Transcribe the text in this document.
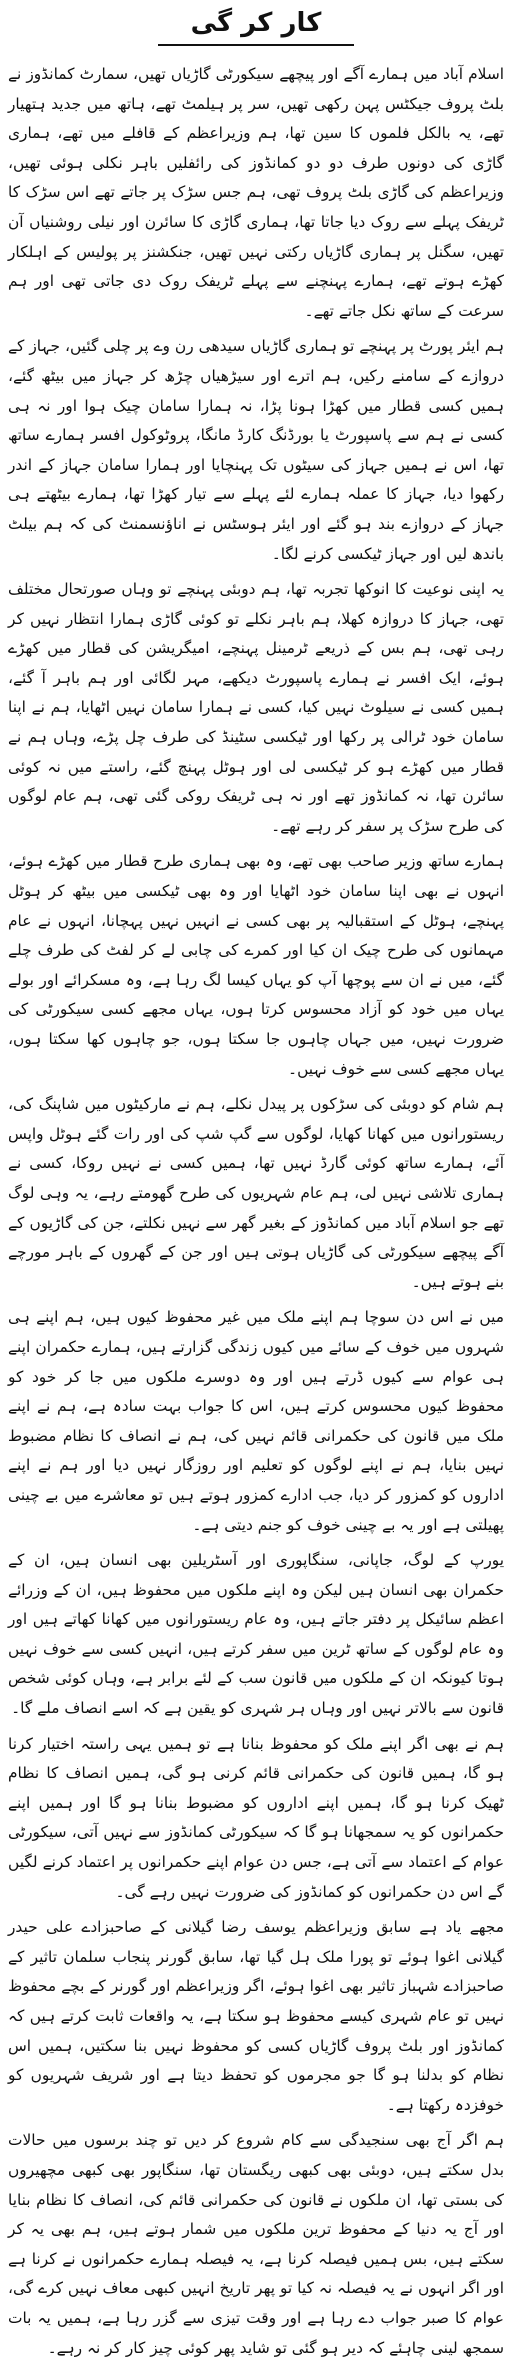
کار کر گی

اسلام آباد میں ہمارے آگے اور پیچھے سیکورٹی گاڑیاں تھیں، سمارٹ کمانڈوز نے بلٹ پروف جیکٹس پہن رکھی تھیں، سر پر ہیلمٹ تھے، ہاتھ میں جدید ہتھیار تھے، یہ بالکل فلموں کا سین تھا، ہم وزیراعظم کے قافلے میں تھے، ہماری گاڑی کی دونوں طرف دو دو کمانڈوز کی رائفلیں باہر نکلی ہوئی تھیں، وزیراعظم کی گاڑی بلٹ پروف تھی، ہم جس سڑک پر جاتے تھے اس سڑک کا ٹریفک پہلے سے روک دیا جاتا تھا، ہماری گاڑی کا سائرن اور نیلی روشنیاں آن تھیں، سگنل پر ہماری گاڑیاں رکتی نہیں تھیں، جنکشنز پر پولیس کے اہلکار کھڑے ہوتے تھے، ہمارے پہنچنے سے پہلے ٹریفک روک دی جاتی تھی اور ہم سرعت کے ساتھ نکل جاتے تھے۔

ہم ایئر پورٹ پر پہنچے تو ہماری گاڑیاں سیدھی رن وے پر چلی گئیں، جہاز کے دروازے کے سامنے رکیں، ہم اترے اور سیڑھیاں چڑھ کر جہاز میں بیٹھ گئے، ہمیں کسی قطار میں کھڑا ہونا پڑا، نہ ہمارا سامان چیک ہوا اور نہ ہی کسی نے ہم سے پاسپورٹ یا بورڈنگ کارڈ مانگا، پروٹوکول افسر ہمارے ساتھ تھا، اس نے ہمیں جہاز کی سیٹوں تک پہنچایا اور ہمارا سامان جہاز کے اندر رکھوا دیا، جہاز کا عملہ ہمارے لئے پہلے سے تیار کھڑا تھا، ہمارے بیٹھتے ہی جہاز کے دروازے بند ہو گئے اور ایئر ہوسٹس نے اناؤنسمنٹ کی کہ ہم بیلٹ باندھ لیں اور جہاز ٹیکسی کرنے لگا۔

یہ اپنی نوعیت کا انوکھا تجربہ تھا، ہم دوبئی پہنچے تو وہاں صورتحال مختلف تھی، جہاز کا دروازہ کھلا، ہم باہر نکلے تو کوئی گاڑی ہمارا انتظار نہیں کر رہی تھی، ہم بس کے ذریعے ٹرمینل پہنچے، امیگریشن کی قطار میں کھڑے ہوئے، ایک افسر نے ہمارے پاسپورٹ دیکھے، مہر لگائی اور ہم باہر آ گئے، ہمیں کسی نے سیلوٹ نہیں کیا، کسی نے ہمارا سامان نہیں اٹھایا، ہم نے اپنا سامان خود ٹرالی پر رکھا اور ٹیکسی سٹینڈ کی طرف چل پڑے، وہاں ہم نے قطار میں کھڑے ہو کر ٹیکسی لی اور ہوٹل پہنچ گئے، راستے میں نہ کوئی سائرن تھا، نہ کمانڈوز تھے اور نہ ہی ٹریفک روکی گئی تھی، ہم عام لوگوں کی طرح سڑک پر سفر کر رہے تھے۔

ہمارے ساتھ وزیر صاحب بھی تھے، وہ بھی ہماری طرح قطار میں کھڑے ہوئے، انہوں نے بھی اپنا سامان خود اٹھایا اور وہ بھی ٹیکسی میں بیٹھ کر ہوٹل پہنچے، ہوٹل کے استقبالیہ پر بھی کسی نے انہیں نہیں پہچانا، انہوں نے عام مہمانوں کی طرح چیک ان کیا اور کمرے کی چابی لے کر لفٹ کی طرف چلے گئے، میں نے ان سے پوچھا آپ کو یہاں کیسا لگ رہا ہے، وہ مسکرائے اور بولے یہاں میں خود کو آزاد محسوس کرتا ہوں، یہاں مجھے کسی سیکورٹی کی ضرورت نہیں، میں جہاں چاہوں جا سکتا ہوں، جو چاہوں کھا سکتا ہوں، یہاں مجھے کسی سے خوف نہیں۔

ہم شام کو دوبئی کی سڑکوں پر پیدل نکلے، ہم نے مارکیٹوں میں شاپنگ کی، ریستورانوں میں کھانا کھایا، لوگوں سے گپ شپ کی اور رات گئے ہوٹل واپس آئے، ہمارے ساتھ کوئی گارڈ نہیں تھا، ہمیں کسی نے نہیں روکا، کسی نے ہماری تلاشی نہیں لی، ہم عام شہریوں کی طرح گھومتے رہے، یہ وہی لوگ تھے جو اسلام آباد میں کمانڈوز کے بغیر گھر سے نہیں نکلتے، جن کی گاڑیوں کے آگے پیچھے سیکورٹی کی گاڑیاں ہوتی ہیں اور جن کے گھروں کے باہر مورچے بنے ہوتے ہیں۔

میں نے اس دن سوچا ہم اپنے ملک میں غیر محفوظ کیوں ہیں، ہم اپنے ہی شہروں میں خوف کے سائے میں کیوں زندگی گزارتے ہیں، ہمارے حکمران اپنے ہی عوام سے کیوں ڈرتے ہیں اور وہ دوسرے ملکوں میں جا کر خود کو محفوظ کیوں محسوس کرتے ہیں، اس کا جواب بہت سادہ ہے، ہم نے اپنے ملک میں قانون کی حکمرانی قائم نہیں کی، ہم نے انصاف کا نظام مضبوط نہیں بنایا، ہم نے اپنے لوگوں کو تعلیم اور روزگار نہیں دیا اور ہم نے اپنے اداروں کو کمزور کر دیا، جب ادارے کمزور ہوتے ہیں تو معاشرے میں بے چینی پھیلتی ہے اور یہ بے چینی خوف کو جنم دیتی ہے۔

یورپ کے لوگ، جاپانی، سنگاپوری اور آسٹریلین بھی انسان ہیں، ان کے حکمران بھی انسان ہیں لیکن وہ اپنے ملکوں میں محفوظ ہیں، ان کے وزرائے اعظم سائیکل پر دفتر جاتے ہیں، وہ عام ریستورانوں میں کھانا کھاتے ہیں اور وہ عام لوگوں کے ساتھ ٹرین میں سفر کرتے ہیں، انہیں کسی سے خوف نہیں ہوتا کیونکہ ان کے ملکوں میں قانون سب کے لئے برابر ہے، وہاں کوئی شخص قانون سے بالاتر نہیں اور وہاں ہر شہری کو یقین ہے کہ اسے انصاف ملے گا۔

ہم نے بھی اگر اپنے ملک کو محفوظ بنانا ہے تو ہمیں یہی راستہ اختیار کرنا ہو گا، ہمیں قانون کی حکمرانی قائم کرنی ہو گی، ہمیں انصاف کا نظام ٹھیک کرنا ہو گا، ہمیں اپنے اداروں کو مضبوط بنانا ہو گا اور ہمیں اپنے حکمرانوں کو یہ سمجھانا ہو گا کہ سیکورٹی کمانڈوز سے نہیں آتی، سیکورٹی عوام کے اعتماد سے آتی ہے، جس دن عوام اپنے حکمرانوں پر اعتماد کرنے لگیں گے اس دن حکمرانوں کو کمانڈوز کی ضرورت نہیں رہے گی۔

مجھے یاد ہے سابق وزیراعظم یوسف رضا گیلانی کے صاحبزادے علی حیدر گیلانی اغوا ہوئے تو پورا ملک ہل گیا تھا، سابق گورنر پنجاب سلمان تاثیر کے صاحبزادے شہباز تاثیر بھی اغوا ہوئے، اگر وزیراعظم اور گورنر کے بچے محفوظ نہیں تو عام شہری کیسے محفوظ ہو سکتا ہے، یہ واقعات ثابت کرتے ہیں کہ کمانڈوز اور بلٹ پروف گاڑیاں کسی کو محفوظ نہیں بنا سکتیں، ہمیں اس نظام کو بدلنا ہو گا جو مجرموں کو تحفظ دیتا ہے اور شریف شہریوں کو خوفزدہ رکھتا ہے۔

ہم اگر آج بھی سنجیدگی سے کام شروع کر دیں تو چند برسوں میں حالات بدل سکتے ہیں، دوبئی بھی کبھی ریگستان تھا، سنگاپور بھی کبھی مچھیروں کی بستی تھا، ان ملکوں نے قانون کی حکمرانی قائم کی، انصاف کا نظام بنایا اور آج یہ دنیا کے محفوظ ترین ملکوں میں شمار ہوتے ہیں، ہم بھی یہ کر سکتے ہیں، بس ہمیں فیصلہ کرنا ہے، یہ فیصلہ ہمارے حکمرانوں نے کرنا ہے اور اگر انہوں نے یہ فیصلہ نہ کیا تو پھر تاریخ انہیں کبھی معاف نہیں کرے گی، عوام کا صبر جواب دے رہا ہے اور وقت تیزی سے گزر رہا ہے، ہمیں یہ بات سمجھ لینی چاہئے کہ دیر ہو گئی تو شاید پھر کوئی چیز کار کر نہ رہے۔
